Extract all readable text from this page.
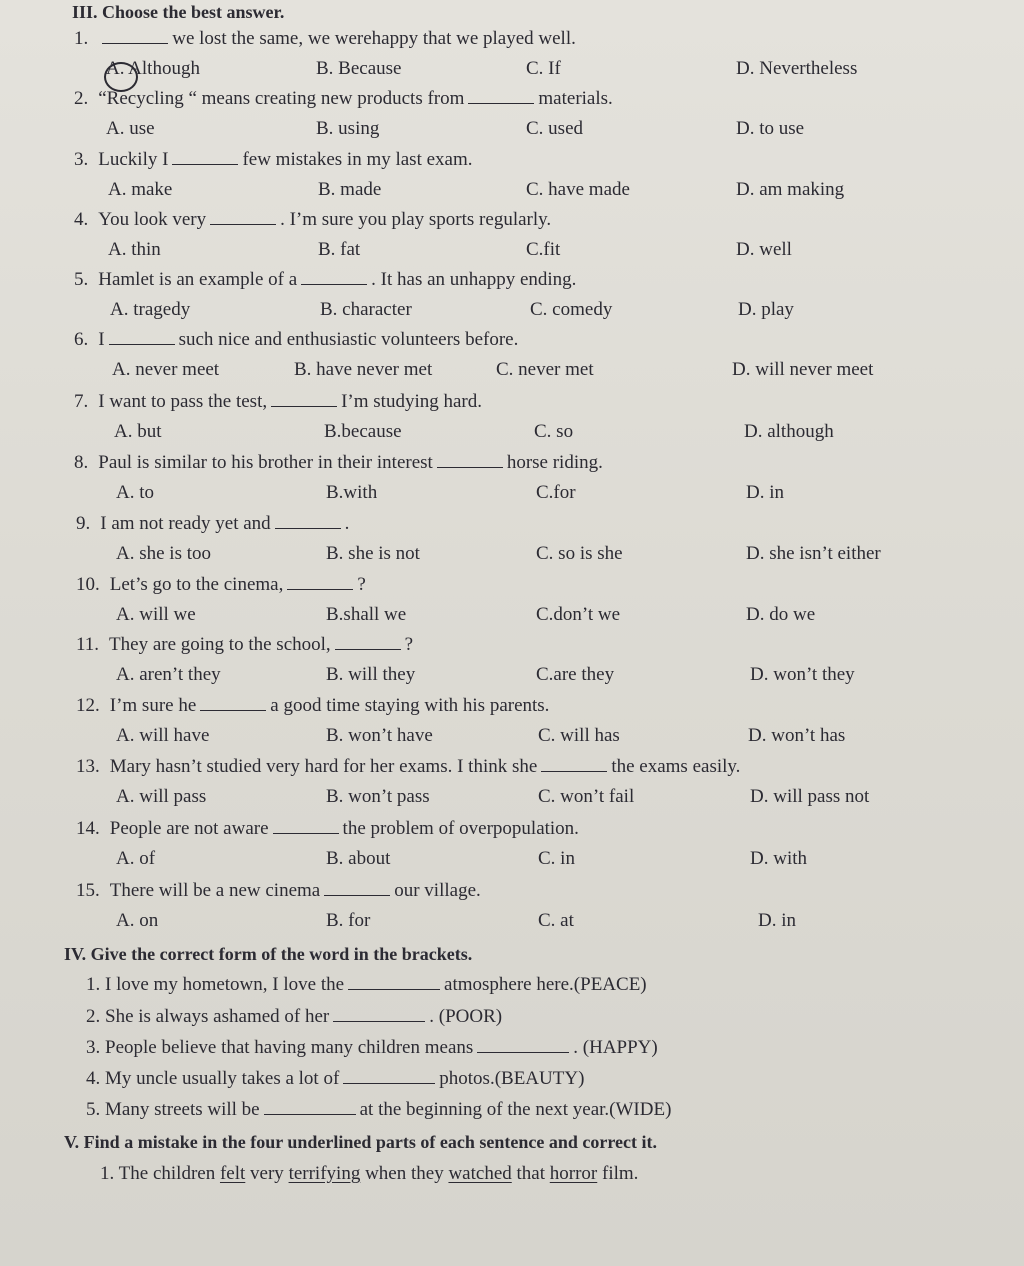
III. Choose the best answer.
1.	we lost the same, we werehappy that we played well.
A. Although	B. Because	C. If	D. Nevertheless
2. “Recycling “ means creating new products from	materials.
A. use	B. using	C. used	D. to use
3. Luckily I	few mistakes in my last exam.
A. make	B. made	C. have made	D. am making
4. You look very	. I’m sure you play sports regularly.
A. thin	B. fat	C.fit	D. well
5. Hamlet is an example of a	. It has an unhappy ending.
A. tragedy	B. character	C. comedy	D. play
6. I	such nice and enthusiastic volunteers before.
A. never meet	B. have never met	C. never met	D. will never meet
7. I want to pass the test,	I’m studying hard.
A. but	B.because	C. so	D. although
8. Paul is similar to his brother in their interest	horse riding.
A. to	B.with	C.for	D. in
9. I am not ready yet and	.
A. she is too	B. she is not	C. so is she	D. she isn’t either
10. Let’s go to the cinema,	?
A. will we	B.shall we	C.don’t we	D. do we
11. They are going to the school,	?
A. aren’t they	B. will they	C.are they	D. won’t they
12. I’m sure he	a good time staying with his parents.
A. will have	B. won’t have	C. will has	D. won’t has
13. Mary hasn’t studied very hard for her exams. I think she	the exams easily.
A. will pass	B. won’t pass	C. won’t fail	D. will pass not
14. People are not aware	the problem of overpopulation.
A. of	B. about	C. in	D. with
15. There will be a new cinema	our village.
A. on	B. for	C. at	D. in
IV. Give the correct form of the word in the brackets.
1. I love my hometown, I love the	atmosphere here.(PEACE)
2. She is always ashamed of her	. (POOR)
3. People believe that having many children means	. (HAPPY)
4. My uncle usually takes a lot of	photos.(BEAUTY)
5. Many streets will be	at the beginning of the next year.(WIDE)
V. Find a mistake in the four underlined parts of each sentence and correct it.
1. The children felt very terrifying when they watched that horror film.
